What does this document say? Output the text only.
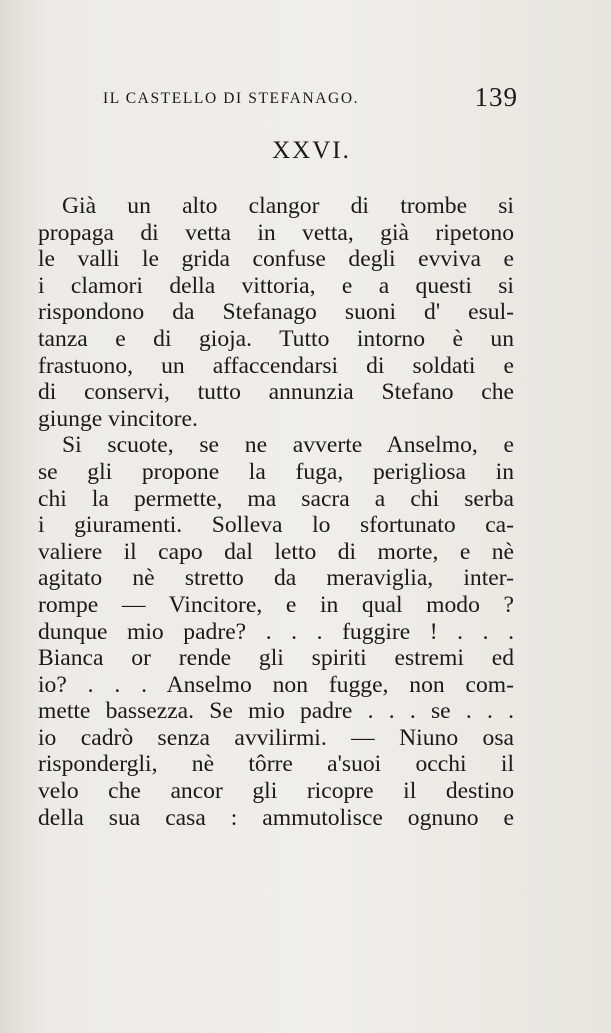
IL CASTELLO DI STEFANAGO.	139
XXVI.
Già un alto clangor di trombe si
propaga di vetta in vetta, già ripetono
le valli le grida confuse degli evviva e
i clamori della vittoria, e a questi si
rispondono da Stefanago suoni d' esul-
tanza e di gioja. Tutto intorno è un
frastuono, un affaccendarsi di soldati e
di conservi, tutto annunzia Stefano che
giunge vincitore.
Si scuote, se ne avverte Anselmo, e
se gli propone la fuga, perigliosa in
chi la permette, ma sacra a chi serba
i giuramenti. Solleva lo sfortunato ca-
valiere il capo dal letto di morte, e nè
agitato nè stretto da meraviglia, inter-
rompe — Vincitore, e in qual modo ?
dunque mio padre? . . . fuggire ! . . .
Bianca or rende gli spiriti estremi ed
io? . . . Anselmo non fugge, non com-
mette bassezza. Se mio padre . . . se . . .
io cadrò senza avvilirmi. — Niuno osa
rispondergli, nè tôrre a'suoi occhi il
velo che ancor gli ricopre il destino
della sua casa : ammutolisce ognuno e
